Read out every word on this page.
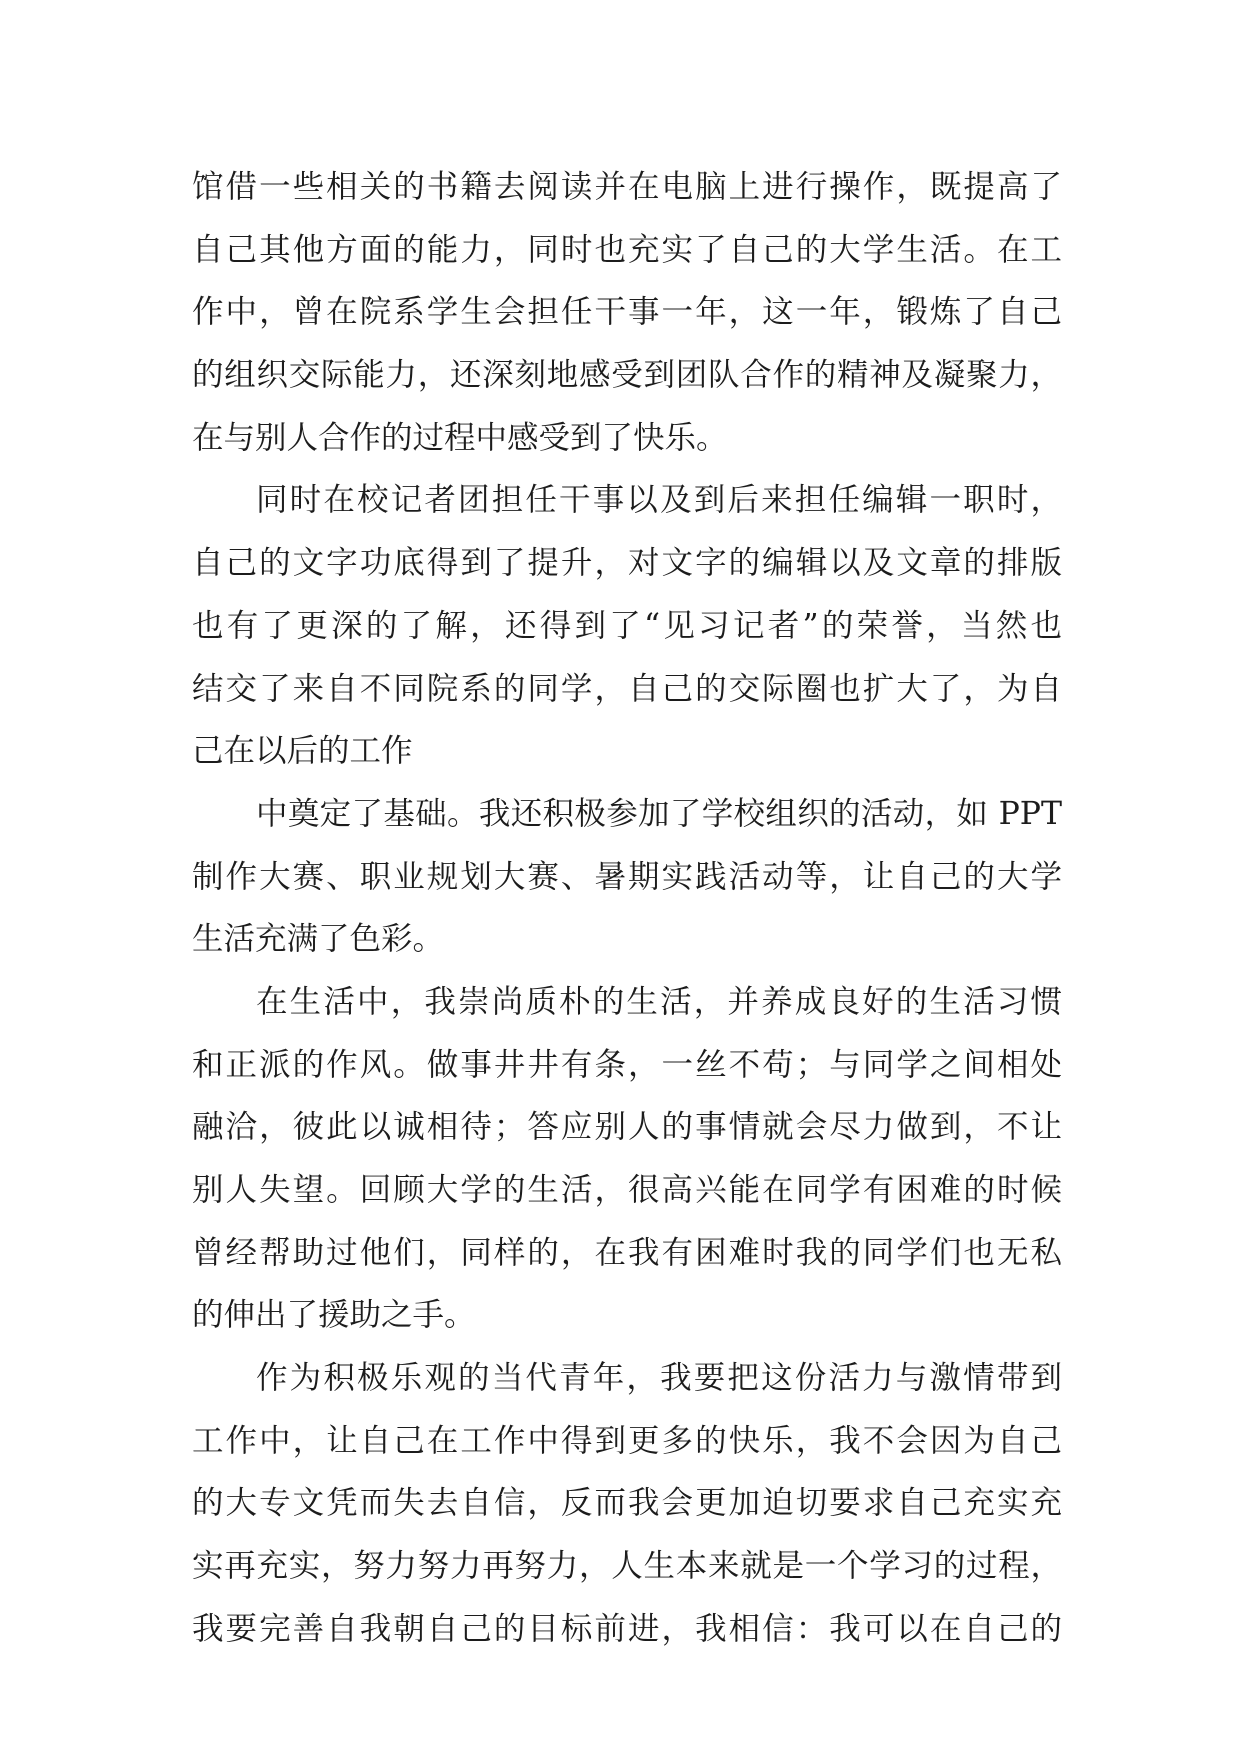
馆借一些相关的书籍去阅读并在电脑上进行操作，既提高了
自己其他方面的能力，同时也充实了自己的大学生活。在工
作中，曾在院系学生会担任干事一年，这一年，锻炼了自己
的组织交际能力，还深刻地感受到团队合作的精神及凝聚力，
在与别人合作的过程中感受到了快乐。
同时在校记者团担任干事以及到后来担任编辑一职时，
自己的文字功底得到了提升，对文字的编辑以及文章的排版
也有了更深的了解，还得到了“见习记者”的荣誉，当然也
结交了来自不同院系的同学，自己的交际圈也扩大了，为自
己在以后的工作
中奠定了基础。我还积极参加了学校组织的活动，如 PPT
制作大赛、职业规划大赛、暑期实践活动等，让自己的大学
生活充满了色彩。
在生活中，我崇尚质朴的生活，并养成良好的生活习惯
和正派的作风。做事井井有条，一丝不苟；与同学之间相处
融洽，彼此以诚相待；答应别人的事情就会尽力做到，不让
别人失望。回顾大学的生活，很高兴能在同学有困难的时候
曾经帮助过他们，同样的，在我有困难时我的同学们也无私
的伸出了援助之手。
作为积极乐观的当代青年，我要把这份活力与激情带到
工作中，让自己在工作中得到更多的快乐，我不会因为自己
的大专文凭而失去自信，反而我会更加迫切要求自己充实充
实再充实，努力努力再努力，人生本来就是一个学习的过程，
我要完善自我朝自己的目标前进，我相信：我可以在自己的
